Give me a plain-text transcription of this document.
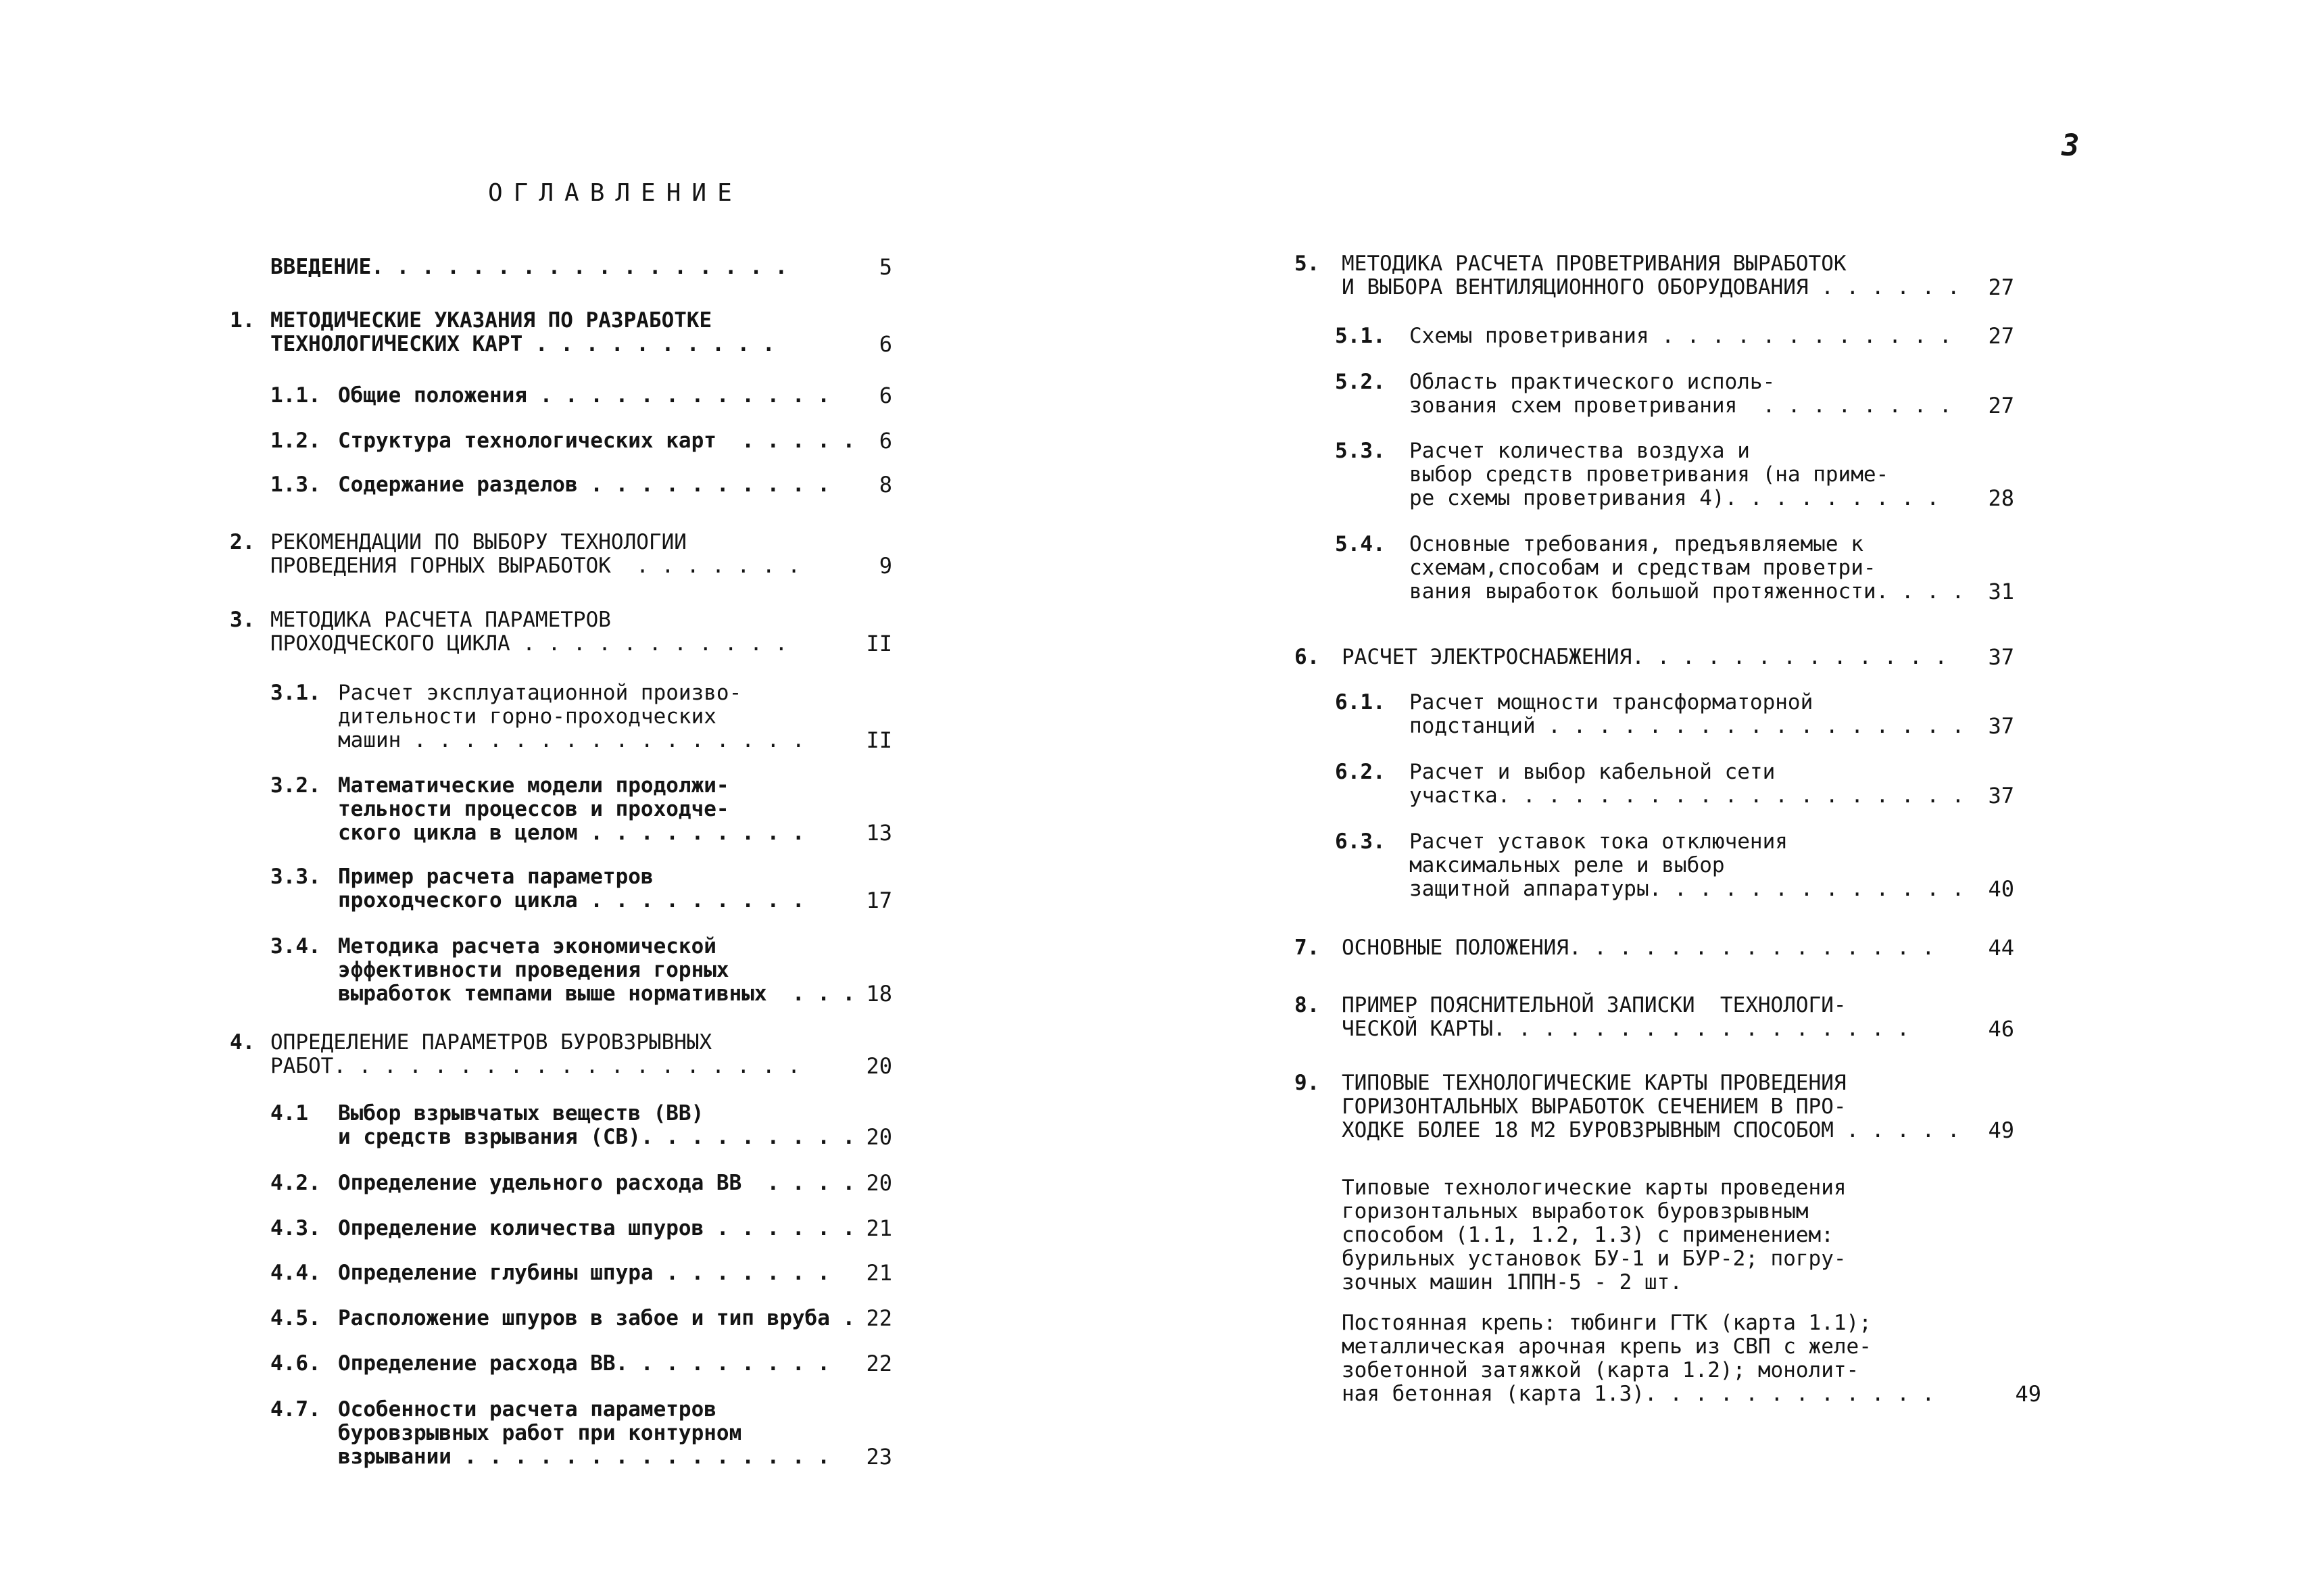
3
ОГЛАВЛЕНИЕ
ВВЕДЕНИЕ. . . . . . . . . . . . . . . . .	5
1. МЕТОДИЧЕСКИЕ УКАЗАНИЯ ПО РАЗРАБОТКЕ
ТЕХНОЛОГИЧЕСКИХ КАРТ . . . . . . . . . .	6
1.1. Общие положения . . . . . . . . . . . .	6
1.2. Структура технологических карт  . . . . .	6
1.3. Содержание разделов . . . . . . . . . .	8
2. РЕКОМЕНДАЦИИ ПО ВЫБОРУ ТЕХНОЛОГИИ
ПРОВЕДЕНИЯ ГОРНЫХ ВЫРАБОТОК  . . . . . . .	9
3. МЕТОДИКА РАСЧЕТА ПАРАМЕТРОВ
ПРОХОДЧЕСКОГО ЦИКЛА . . . . . . . . . . .	II
3.1. Расчет эксплуатационной произво-
дительности горно-проходческих
машин . . . . . . . . . . . . . . . .	II
3.2. Математические модели продолжи-
тельности процессов и проходче-
ского цикла в целом . . . . . . . . .	13
3.3. Пример расчета параметров
проходческого цикла . . . . . . . . .	17
3.4. Методика расчета экономической
эффективности проведения горных
выработок темпами выше нормативных  . . . 18
4. ОПРЕДЕЛЕНИЕ ПАРАМЕТРОВ БУРОВЗРЫВНЫХ
РАБОТ. . . . . . . . . . . . . . . . . . .	20
4.1 Выбор взрывчатых веществ (ВВ)
и средств взрывания (СВ). . . . . . . . . 20
4.2. Определение удельного расхода ВВ  . . . . 20
4.3. Определение количества шпуров . . . . . . 21
4.4. Определение глубины шпура . . . . . . .	21
4.5. Расположение шпуров в забое и тип вруба . 22
4.6. Определение расхода ВВ. . . . . . . . .	22
4.7. Особенности расчета параметров
буровзрывных работ при контурном
взрывании . . . . . . . . . . . . . . .	23
5. МЕТОДИКА РАСЧЕТА ПРОВЕТРИВАНИЯ ВЫРАБОТОК
И ВЫБОРА ВЕНТИЛЯЦИОННОГО ОБОРУДОВАНИЯ . . . . . .	27
5.1. Схемы проветривания . . . . . . . . . . . .	27
5.2. Область практического исполь-
зования схем проветривания  . . . . . . . .	27
5.3. Расчет количества воздуха и
выбор средств проветривания (на приме-
ре схемы проветривания 4). . . . . . . . .	28
5.4. Основные требования, предъявляемые к
схемам,способам и средствам проветри-
вания выработок большой протяженности. . . .	31
6. РАСЧЕТ ЭЛЕКТРОСНАБЖЕНИЯ. . . . . . . . . . . . .	37
6.1. Расчет мощности трансформаторной
подстанций . . . . . . . . . . . . . . . . .	37
6.2. Расчет и выбор кабельной сети
участка. . . . . . . . . . . . . . . . . . .	37
6.3. Расчет уставок тока отключения
максимальных реле и выбор
защитной аппаратуры. . . . . . . . . . . . .	40
7. ОСНОВНЫЕ ПОЛОЖЕНИЯ. . . . . . . . . . . . . . .	44
8. ПРИМЕР ПОЯСНИТЕЛЬНОЙ ЗАПИСКИ  ТЕХНОЛОГИ-
ЧЕСКОЙ КАРТЫ. . . . . . . . . . . . . . . . .	46
9. ТИПОВЫЕ ТЕХНОЛОГИЧЕСКИЕ КАРТЫ ПРОВЕДЕНИЯ
ГОРИЗОНТАЛЬНЫХ ВЫРАБОТОК СЕЧЕНИЕМ В ПРО-
ХОДКЕ БОЛЕЕ 18 М2 БУРОВЗРЫВНЫМ СПОСОБОМ . . . . .	49
Типовые технологические карты проведения
горизонтальных выработок буровзрывным
способом (1.1, 1.2, 1.3) с применением:
бурильных установок БУ-1 и БУР-2; погру-
зочных машин 1ППН-5 - 2 шт.
Постоянная крепь: тюбинги ГТК (карта 1.1);
металлическая арочная крепь из СВП с желе-
зобетонной затяжкой (карта 1.2); монолит-
ная бетонная (карта 1.3). . . . . . . . . . . .	49
